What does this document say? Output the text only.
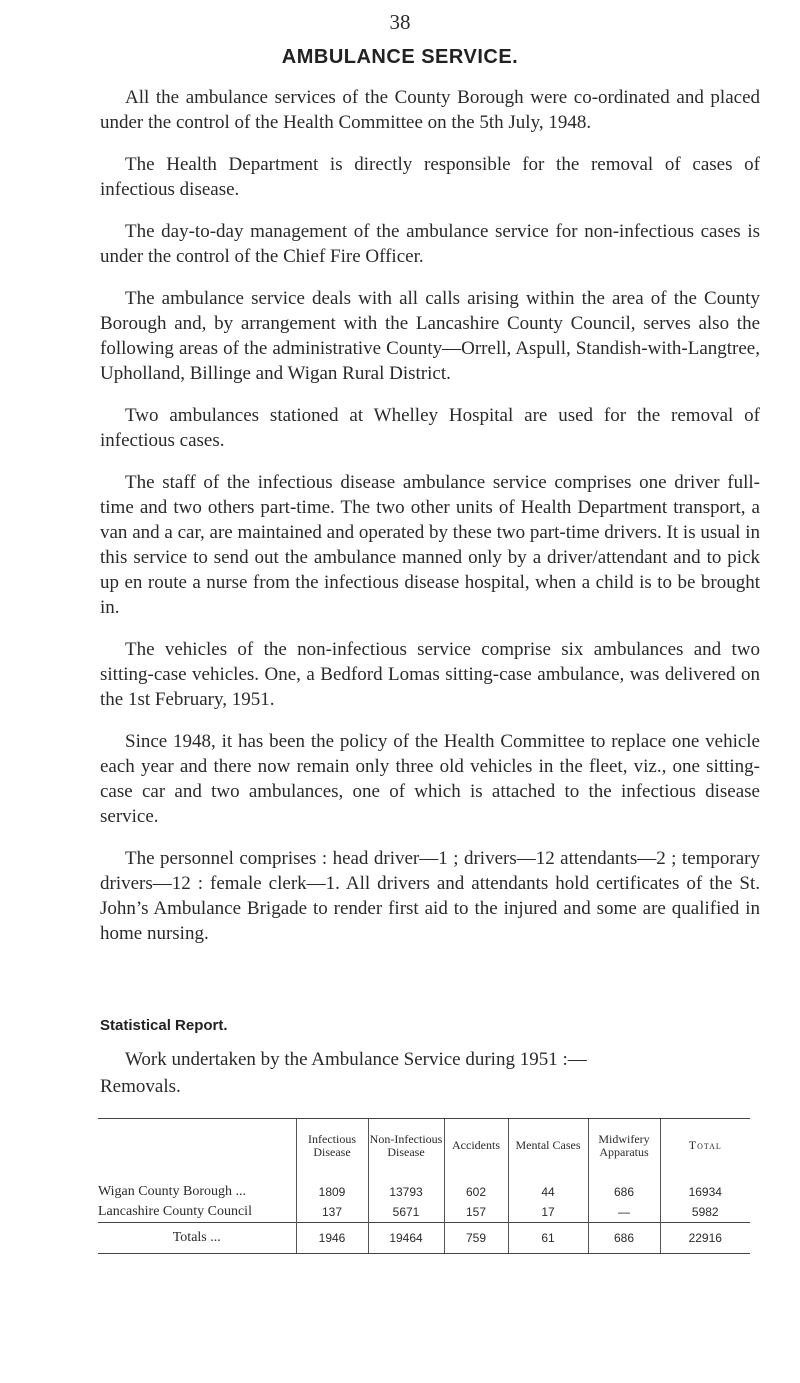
38
AMBULANCE SERVICE.

All the ambulance services of the County Borough were co-ordinated and placed under the control of the Health Committee on the 5th July, 1948.

The Health Department is directly responsible for the removal of cases of infectious disease.

The day-to-day management of the ambulance service for non-infectious cases is under the control of the Chief Fire Officer.

The ambulance service deals with all calls arising within the area of the County Borough and, by arrangement with the Lancashire County Council, serves also the following areas of the administrative County—Orrell, Aspull, Standish-with-Langtree, Upholland, Billinge and Wigan Rural District.

Two ambulances stationed at Whelley Hospital are used for the removal of infectious cases.

The staff of the infectious disease ambulance service comprises one driver full-time and two others part-time. The two other units of Health Department transport, a van and a car, are maintained and operated by these two part-time drivers. It is usual in this service to send out the ambulance manned only by a driver/attendant and to pick up en route a nurse from the infectious disease hospital, when a child is to be brought in.

The vehicles of the non-infectious service comprise six ambulances and two sitting-case vehicles. One, a Bedford Lomas sitting-case ambulance, was delivered on the 1st February, 1951.

Since 1948, it has been the policy of the Health Committee to replace one vehicle each year and there now remain only three old vehicles in the fleet, viz., one sitting-case car and two ambulances, one of which is attached to the infectious disease service.

The personnel comprises : head driver—1 ; drivers—12 attendants—2 ; temporary drivers—12 : female clerk—1. All drivers and attendants hold certificates of the St. John’s Ambulance Brigade to render first aid to the injured and some are qualified in home nursing.

Statistical Report.
Work undertaken by the Ambulance Service during 1951 :—
Removals.
	Infectious Disease	Non-Infectious Disease	Accidents	Mental Cases	Midwifery Apparatus	Total
Wigan County Borough ...	1809	13793	602	44	686	16934
Lancashire County Council	137	5671	157	17	—	5982
Totals ...	1946	19464	759	61	686	22916
